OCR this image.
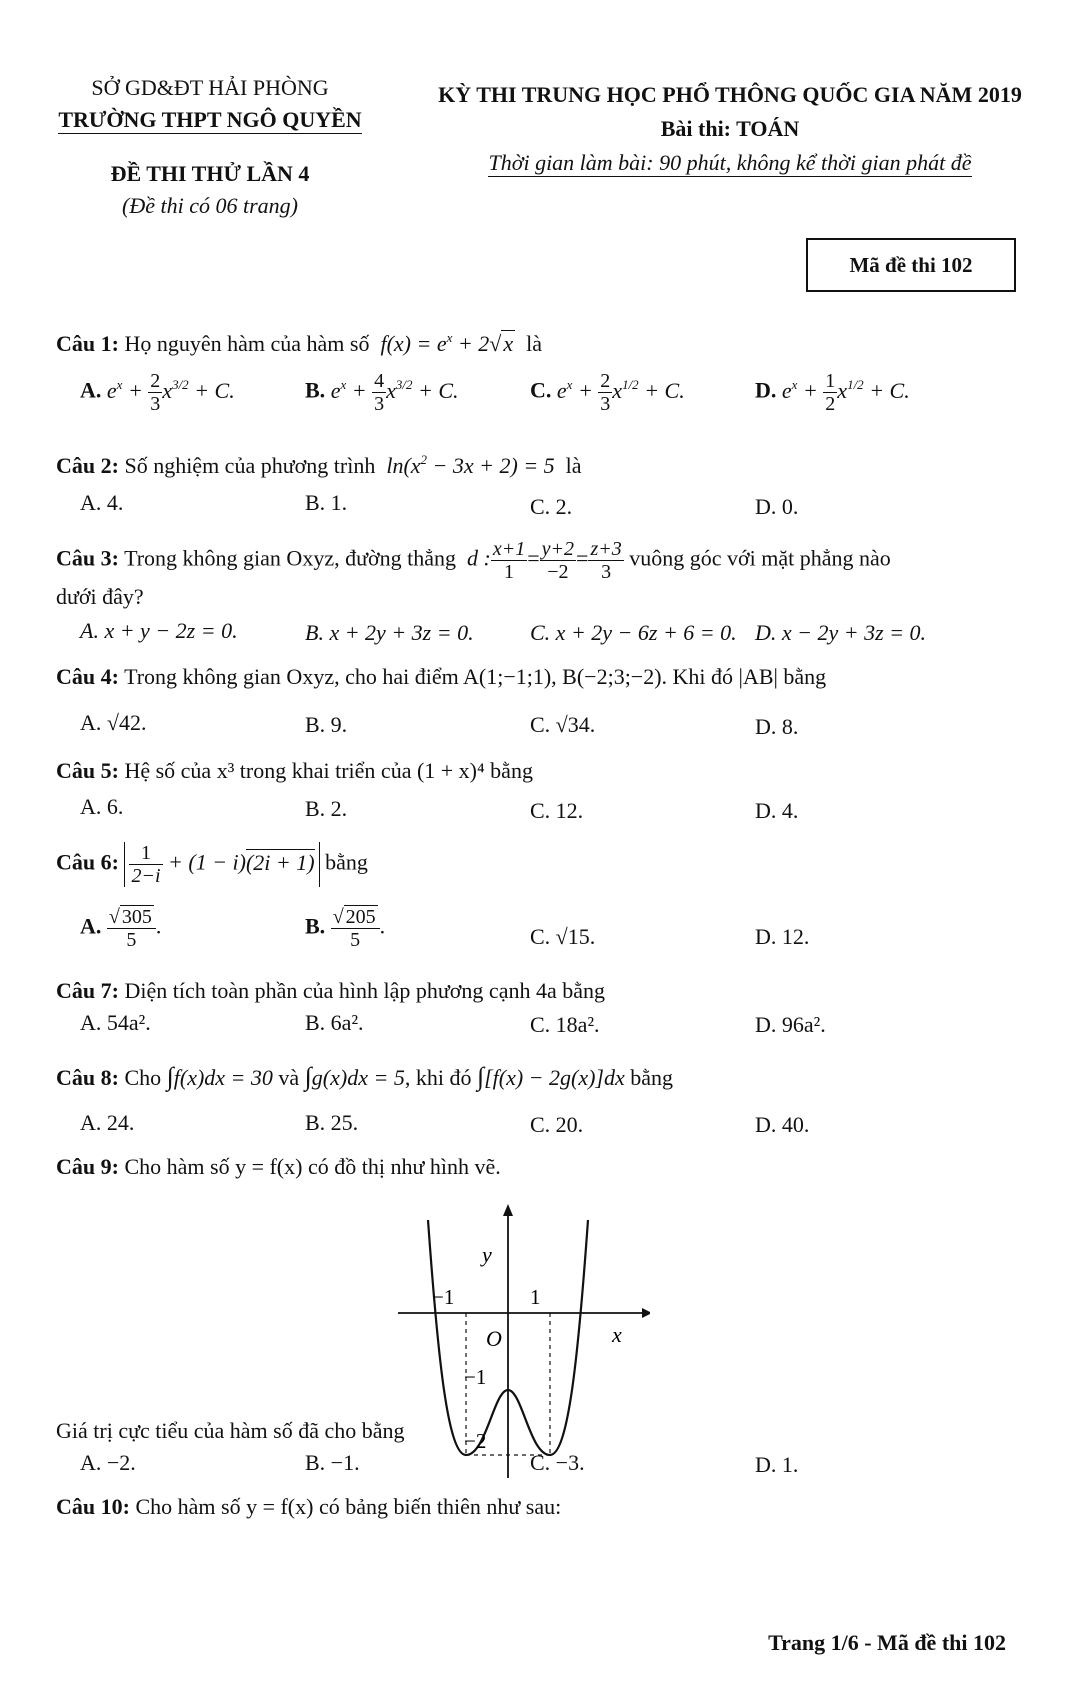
SỞ GD&ĐT HẢI PHÒNG
TRƯỜNG THPT NGÔ QUYỀN
ĐỀ THI THỬ LẦN 4
(Đề thi có 06 trang)
KỲ THI TRUNG HỌC PHỔ THÔNG QUỐC GIA NĂM 2019
Bài thi: TOÁN
Thời gian làm bài: 90 phút, không kể thời gian phát đề
Mã đề thi 102
Câu 1: Họ nguyên hàm của hàm số  $f(x) = e^x + 2√x$ là
A. $e^x + \frac{2}{3} x^{3/2} + C$.	B. $e^x + \frac{4}{3} x^{3/2} + C$.	C. $e^x + \frac{2}{3} x^{1/2} + C$.	D. $e^x + \frac{1}{2} x^{1/2} + C$.
Câu 2: Số nghiệm của phương trình  $\ln(x^2 - 3x + 2) = 5$  là
A. 4.	B. 1.	C. 2.	D. 0.
Câu 3: Trong không gian Oxyz, đường thẳng  d : $\frac{x+1}{1} = \frac{y+2}{-2} = \frac{z+3}{3}$ vuông góc với mặt phẳng nào
dưới đây?
A. x + y − 2z = 0.	B. x + 2y + 3z = 0.	C. x + 2y − 6z + 6 = 0. D. x − 2y + 3z = 0.
Câu 4: Trong không gian Oxyz, cho hai điểm A(1;−1;1), B(−2;3;−2). Khi đó |AB| bằng
A. √42.	B. 9.	C. √34.	D. 8.
Câu 5: Hệ số của x³ trong khai triển của (1 + x)⁴ bằng
A. 6.	B. 2.	C. 12.	D. 4.
Câu 6: $\frac{1}{2-i} + (1 - i)(2i + 1)$ bằng
A. $\frac{√ 305}{5}$ .	B. $\frac{√ 205}{5}$ .	C. √15.	D. 12.
Câu 7: Diện tích toàn phần của hình lập phương cạnh 4a bằng
A. 54a².	B. 6a².	C. 18a².	D. 96a².
Câu 8: Cho ∫f(x)dx = 30 và ∫g(x)dx = 5, khi đó ∫[f(x) − 2g(x)]dx bằng
A. 24.	B. 25.	C. 20.	D. 40.
Câu 9: Cho hàm số y = f(x) có đồ thị như hình vẽ.
y
x
O
−1	1
−1
−2
Giá trị cực tiểu của hàm số đã cho bằng
A. −2.	B. −1.	C. −3.	D. 1.
Câu 10: Cho hàm số y = f(x) có bảng biến thiên như sau:
Trang 1/6 - Mã đề thi 102
